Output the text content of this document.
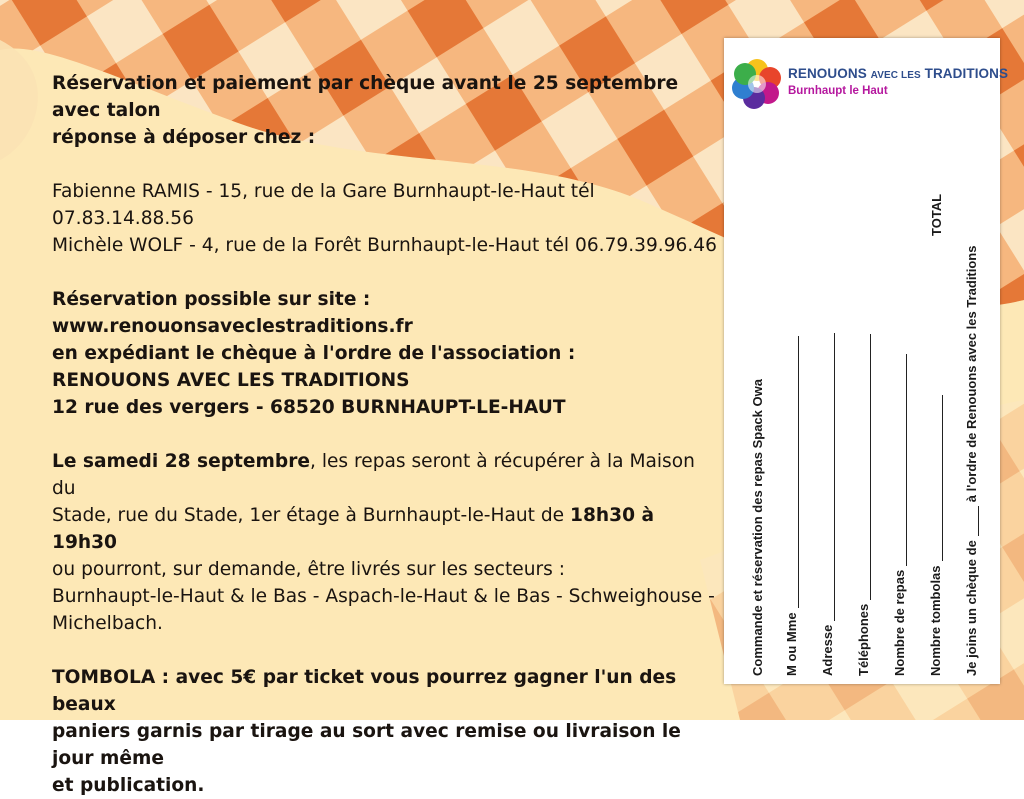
Réservation et paiement par chèque avant le 25 septembre avec talon

réponse à déposer chez :

Fabienne RAMIS - 15, rue de la Gare Burnhaupt-le-Haut tél 07.83.14.88.56

Michèle WOLF - 4, rue de la Forêt Burnhaupt-le-Haut tél 06.79.39.96.46

Réservation possible sur site : www.renouonsaveclestraditions.fr

en expédiant le chèque à l'ordre de l'association :

RENOUONS AVEC LES TRADITIONS

12 rue des vergers - 68520 BURNHAUPT-LE-HAUT

Le samedi 28 septembre, les repas seront à récupérer à la Maison du

Stade, rue du Stade, 1er étage à Burnhaupt-le-Haut de 18h30 à 19h30

ou pourront, sur demande, être livrés sur les secteurs :

Burnhaupt-le-Haut & le Bas - Aspach-le-Haut & le Bas - Schweighouse -

Michelbach.

TOMBOLA : avec 5€ par ticket vous pourrez gagner l'un des beaux

paniers garnis par tirage au sort avec remise ou livraison le jour même

et publication.

RENOUONS AVEC LES TRADITIONS
Burnhaupt le Haut
Commande et réservation des repas Spack Owa M ou Mme Adresse Téléphones Nombre de repas Nombre tombolas
TOTAL
Je joins un chèque de
à l'ordre de Renouons avec les Traditions
